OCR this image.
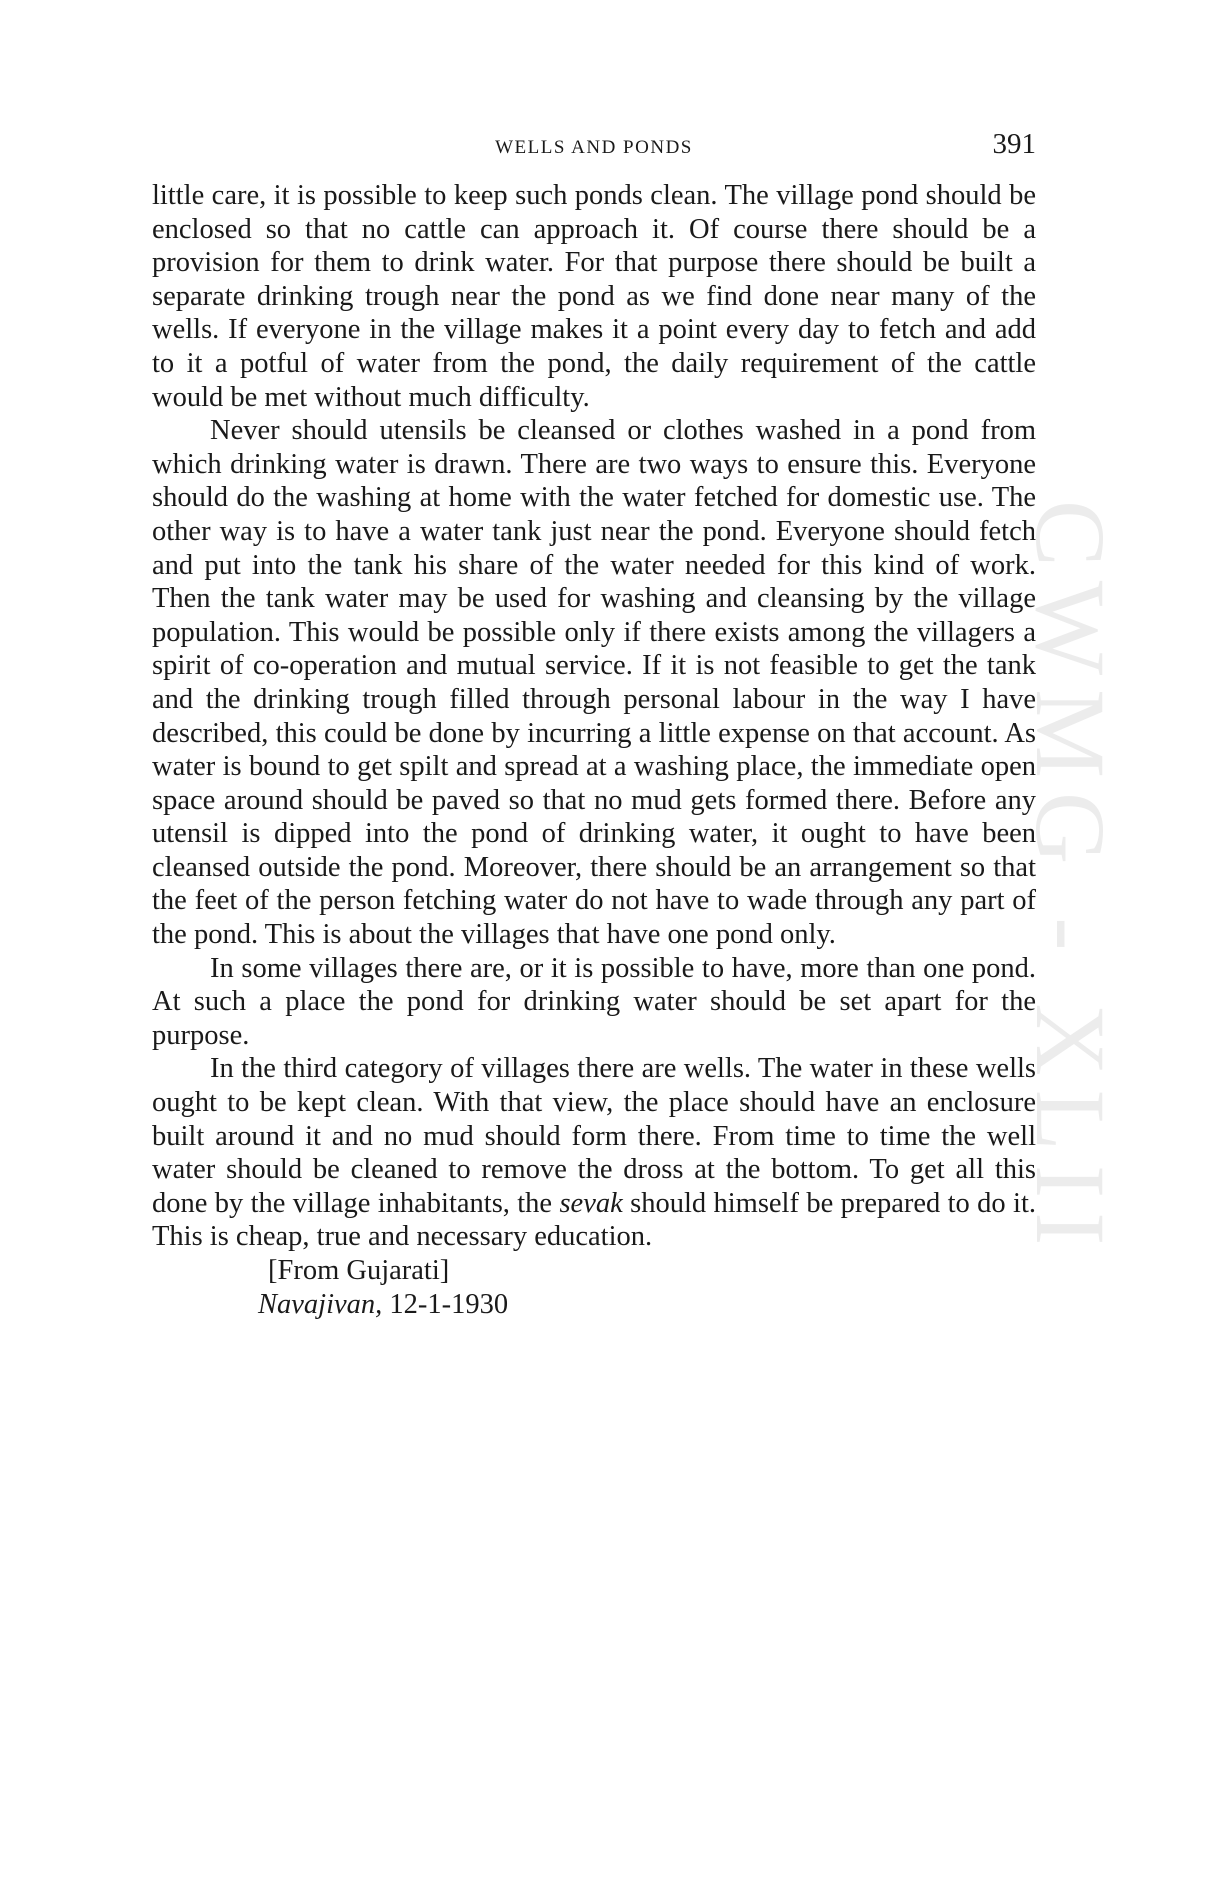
CWMG - XLII
WELLS AND PONDS	391

little care, it is possible to keep such ponds clean. The village pond should be enclosed so that no cattle can approach it. Of course there should be a provision for them to drink water. For that purpose there should be built a separate drinking trough near the pond as we find done near many of the wells. If everyone in the village makes it a point every day to fetch and add to it a potful of water from the pond, the daily requirement of the cattle would be met without much difficulty.

Never should utensils be cleansed or clothes washed in a pond from which drinking water is drawn. There are two ways to ensure this. Everyone should do the washing at home with the water fetched for domestic use. The other way is to have a water tank just near the pond. Everyone should fetch and put into the tank his share of the water needed for this kind of work. Then the tank water may be used for washing and cleansing by the village population. This would be possible only if there exists among the villagers a spirit of co-operation and mutual service. If it is not feasible to get the tank and the drinking trough filled through personal labour in the way I have described, this could be done by incurring a little expense on that account. As water is bound to get spilt and spread at a washing place, the immediate open space around should be paved so that no mud gets formed there. Before any utensil is dipped into the pond of drinking water, it ought to have been cleansed outside the pond. Moreover, there should be an arrangement so that the feet of the person fetching water do not have to wade through any part of the pond. This is about the villages that have one pond only.

In some villages there are, or it is possible to have, more than one pond. At such a place the pond for drinking water should be set apart for the purpose.

In the third category of villages there are wells. The water in these wells ought to be kept clean. With that view, the place should have an enclosure built around it and no mud should form there. From time to time the well water should be cleaned to remove the dross at the bottom. To get all this done by the village inhabitants, the sevak should himself be prepared to do it. This is cheap, true and necessary education.

[From Gujarati]

Navajivan, 12-1-1930
